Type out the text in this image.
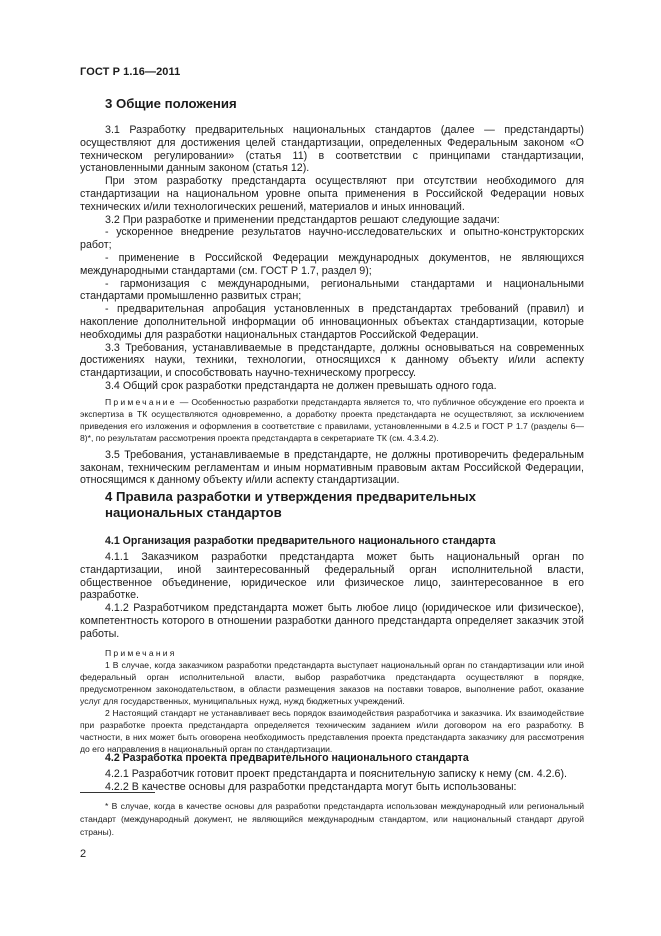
ГОСТ Р 1.16—2011
3 Общие положения

3.1 Разработку предварительных национальных стандартов (далее — предстандарты) осуществляют для достижения целей стандартизации, определенных Федеральным законом «О техническом регулировании» (статья 11) в соответствии с принципами стандартизации, установленными данным законом (статья 12).

При этом разработку предстандарта осуществляют при отсутствии необходимого для стандартизации на национальном уровне опыта применения в Российской Федерации новых технических и/или технологических решений, материалов и иных инноваций.

3.2 При разработке и применении предстандартов решают следующие задачи:

- ускоренное внедрение результатов научно-исследовательских и опытно-конструкторских работ;

- применение в Российской Федерации международных документов, не являющихся международными стандартами (см. ГОСТ Р 1.7, раздел 9);

- гармонизация с международными, региональными стандартами и национальными стандартами промышленно развитых стран;

- предварительная апробация установленных в предстандартах требований (правил) и накопление дополнительной информации об инновационных объектах стандартизации, которые необходимы для разработки национальных стандартов Российской Федерации.

3.3 Требования, устанавливаемые в предстандарте, должны основываться на современных достижениях науки, техники, технологии, относящихся к данному объекту и/или аспекту стандартизации, и способствовать научно-техническому прогрессу.

3.4 Общий срок разработки предстандарта не должен превышать одного года.

Примечание — Особенностью разработки предстандарта является то, что публичное обсуждение его проекта и экспертиза в ТК осуществляются одновременно, а доработку проекта предстандарта не осуществляют, за исключением приведения его изложения и оформления в соответствие с правилами, установленными в 4.2.5 и ГОСТ Р 1.7 (разделы 6—8)*, по результатам рассмотрения проекта предстандарта в секретариате ТК (см. 4.3.4.2).

3.5 Требования, устанавливаемые в предстандарте, не должны противоречить федеральным законам, техническим регламентам и иным нормативным правовым актам Российской Федерации, относящимся к данному объекту и/или аспекту стандартизации.

4 Правила разработки и утверждения предварительных национальных стандартов
4.1 Организация разработки предварительного национального стандарта

4.1.1 Заказчиком разработки предстандарта может быть национальный орган по стандартизации, иной заинтересованный федеральный орган исполнительной власти, общественное объединение, юридическое или физическое лицо, заинтересованное в его разработке.

4.1.2 Разработчиком предстандарта может быть любое лицо (юридическое или физическое), компетентность которого в отношении разработки данного предстандарта определяет заказчик этой работы.

Примечания

1 В случае, когда заказчиком разработки предстандарта выступает национальный орган по стандартизации или иной федеральный орган исполнительной власти, выбор разработчика предстандарта осуществляют в порядке, предусмотренном законодательством, в области размещения заказов на поставки товаров, выполнение работ, оказание услуг для государственных, муниципальных нужд, нужд бюджетных учреждений.

2 Настоящий стандарт не устанавливает весь порядок взаимодействия разработчика и заказчика. Их взаимодействие при разработке проекта предстандарта определяется техническим заданием и/или договором на его разработку. В частности, в них может быть оговорена необходимость представления проекта предстандарта заказчику для рассмотрения до его направления в национальный орган по стандартизации.

4.2 Разработка проекта предварительного национального стандарта

4.2.1 Разработчик готовит проект предстандарта и пояснительную записку к нему (см. 4.2.6).

4.2.2 В качестве основы для разработки предстандарта могут быть использованы:

* В случае, когда в качестве основы для разработки предстандарта использован международный или региональный стандарт (международный документ, не являющийся международным стандартом, или национальный стандарт другой страны).
2
